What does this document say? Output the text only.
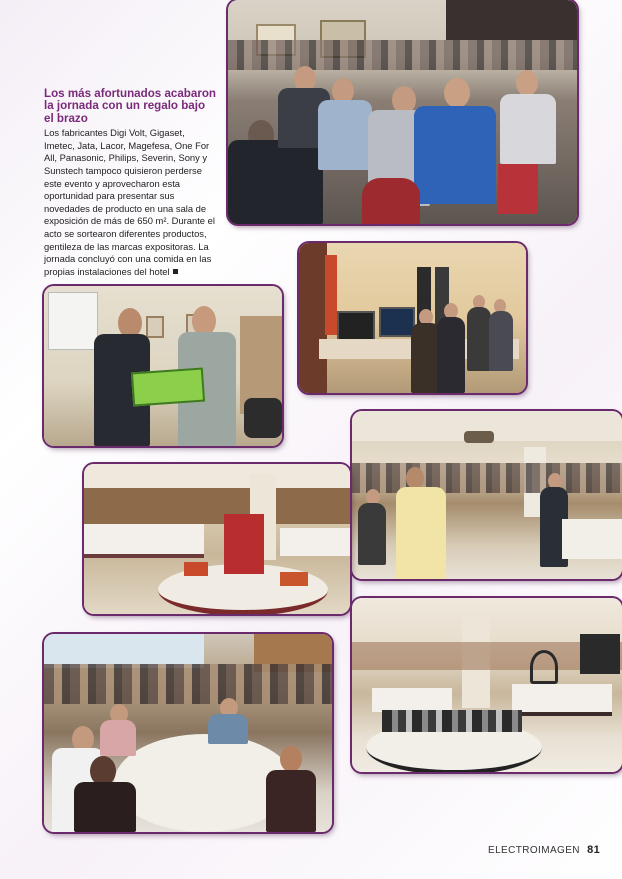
Los más afortunados acabaron la jornada con un regalo bajo el brazo

Los fabricantes Digi Volt, Gigaset, Imetec, Jata, Lacor, Magefesa, One For All, Panasonic, Philips, Severin, Sony y Sunstech tampoco quisieron perderse este evento y aprovecharon esta oportunidad para presentar sus novedades de producto en una sala de exposición de más de 650 m². Durante el acto se sortearon diferentes productos, gentileza de las marcas expositoras. La jornada concluyó con una comida en las propias instalaciones del hotel

ELECTROIMAGEN 81
